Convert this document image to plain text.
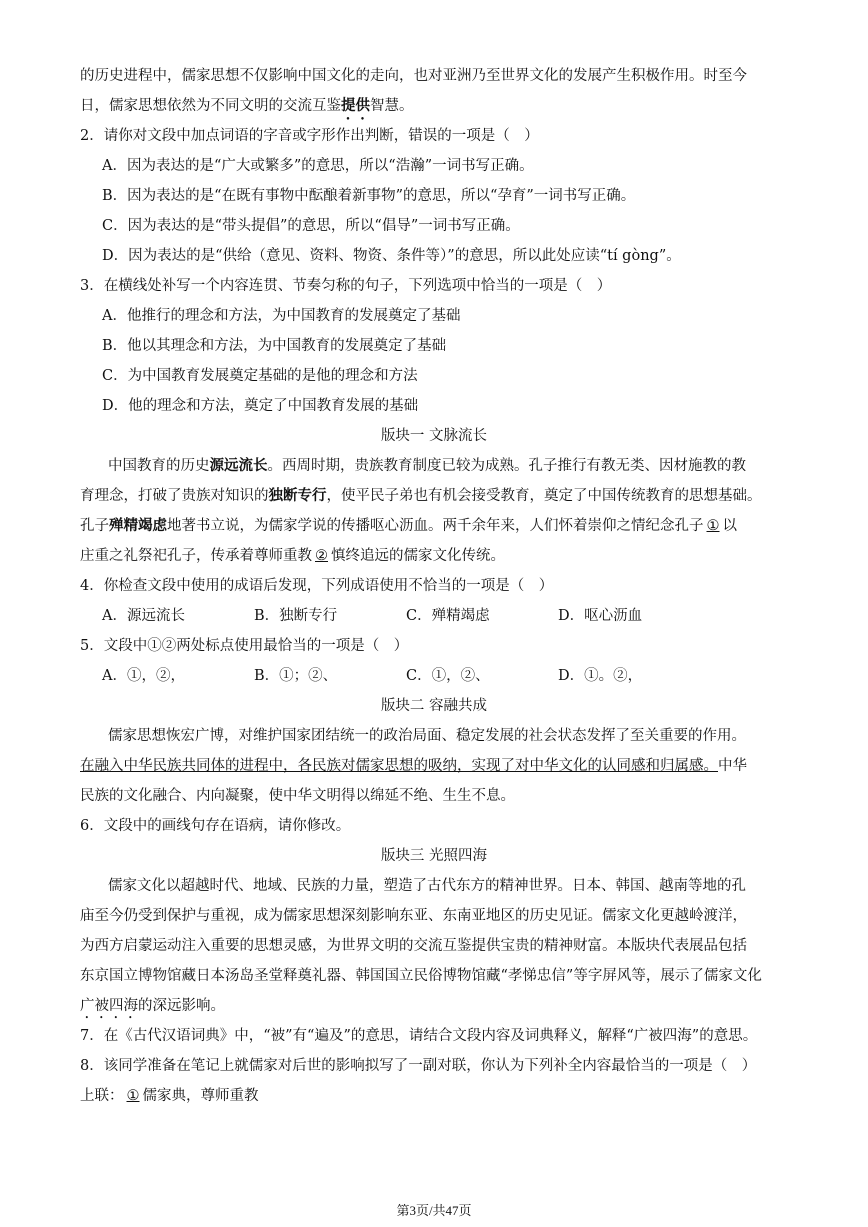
的历史进程中，儒家思想不仅影响中国文化的走向，也对亚洲乃至世界文化的发展产生积极作用。时至今
日，儒家思想依然为不同文明的交流互鉴提供智慧。
2．请你对文段中加点词语的字音或字形作出判断，错误的一项是（　）
A．因为表达的是“广大或繁多”的意思，所以“浩瀚”一词书写正确。
B．因为表达的是“在既有事物中酝酿着新事物”的意思，所以“孕育”一词书写正确。
C．因为表达的是“带头提倡”的意思，所以“倡导”一词书写正确。
D．因为表达的是“供给（意见、资料、物资、条件等）”的意思，所以此处应读“tí gòng”。
3．在横线处补写一个内容连贯、节奏匀称的句子，下列选项中恰当的一项是（　）
A．他推行的理念和方法，为中国教育的发展奠定了基础
B．他以其理念和方法，为中国教育的发展奠定了基础
C．为中国教育发展奠定基础的是他的理念和方法
D．他的理念和方法，奠定了中国教育发展的基础
版块一 文脉流长
中国教育的历史源远流长。西周时期，贵族教育制度已较为成熟。孔子推行有教无类、因材施教的教
育理念，打破了贵族对知识的独断专行，使平民子弟也有机会接受教育，奠定了中国传统教育的思想基础。
孔子殚精竭虑地著书立说，为儒家学说的传播呕心沥血。两千余年来，人们怀着崇仰之情纪念孔子 ① 以
庄重之礼祭祀孔子，传承着尊师重教 ② 慎终追远的儒家文化传统。
4．你检查文段中使用的成语后发现，下列成语使用不恰当的一项是（　）
A．源远流长	B．独断专行	C．殚精竭虑	D．呕心沥血
5．文段中①②两处标点使用最恰当的一项是（　）
A．①，②，	B．①；②、	C．①，②、	D．①。②，
版块二 容融共成
儒家思想恢宏广博，对维护国家团结统一的政治局面、稳定发展的社会状态发挥了至关重要的作用。
在融入中华民族共同体的进程中，各民族对儒家思想的吸纳，实现了对中华文化的认同感和归属感。中华
民族的文化融合、内向凝聚，使中华文明得以绵延不绝、生生不息。
6．文段中的画线句存在语病，请你修改。
版块三 光照四海
儒家文化以超越时代、地域、民族的力量，塑造了古代东方的精神世界。日本、韩国、越南等地的孔
庙至今仍受到保护与重视，成为儒家思想深刻影响东亚、东南亚地区的历史见证。儒家文化更越岭渡洋，
为西方启蒙运动注入重要的思想灵感，为世界文明的交流互鉴提供宝贵的精神财富。本版块代表展品包括
东京国立博物馆藏日本汤岛圣堂释奠礼器、韩国国立民俗博物馆藏“孝悌忠信”等字屏风等，展示了儒家文化
广被四海的深远影响。
7．在《古代汉语词典》中，“被”有“遍及”的意思，请结合文段内容及词典释义，解释“广被四海”的意思。
8．该同学准备在笔记上就儒家对后世的影响拟写了一副对联，你认为下列补全内容最恰当的一项是（　）
上联： ① 儒家典，尊师重教
第3页/共47页
